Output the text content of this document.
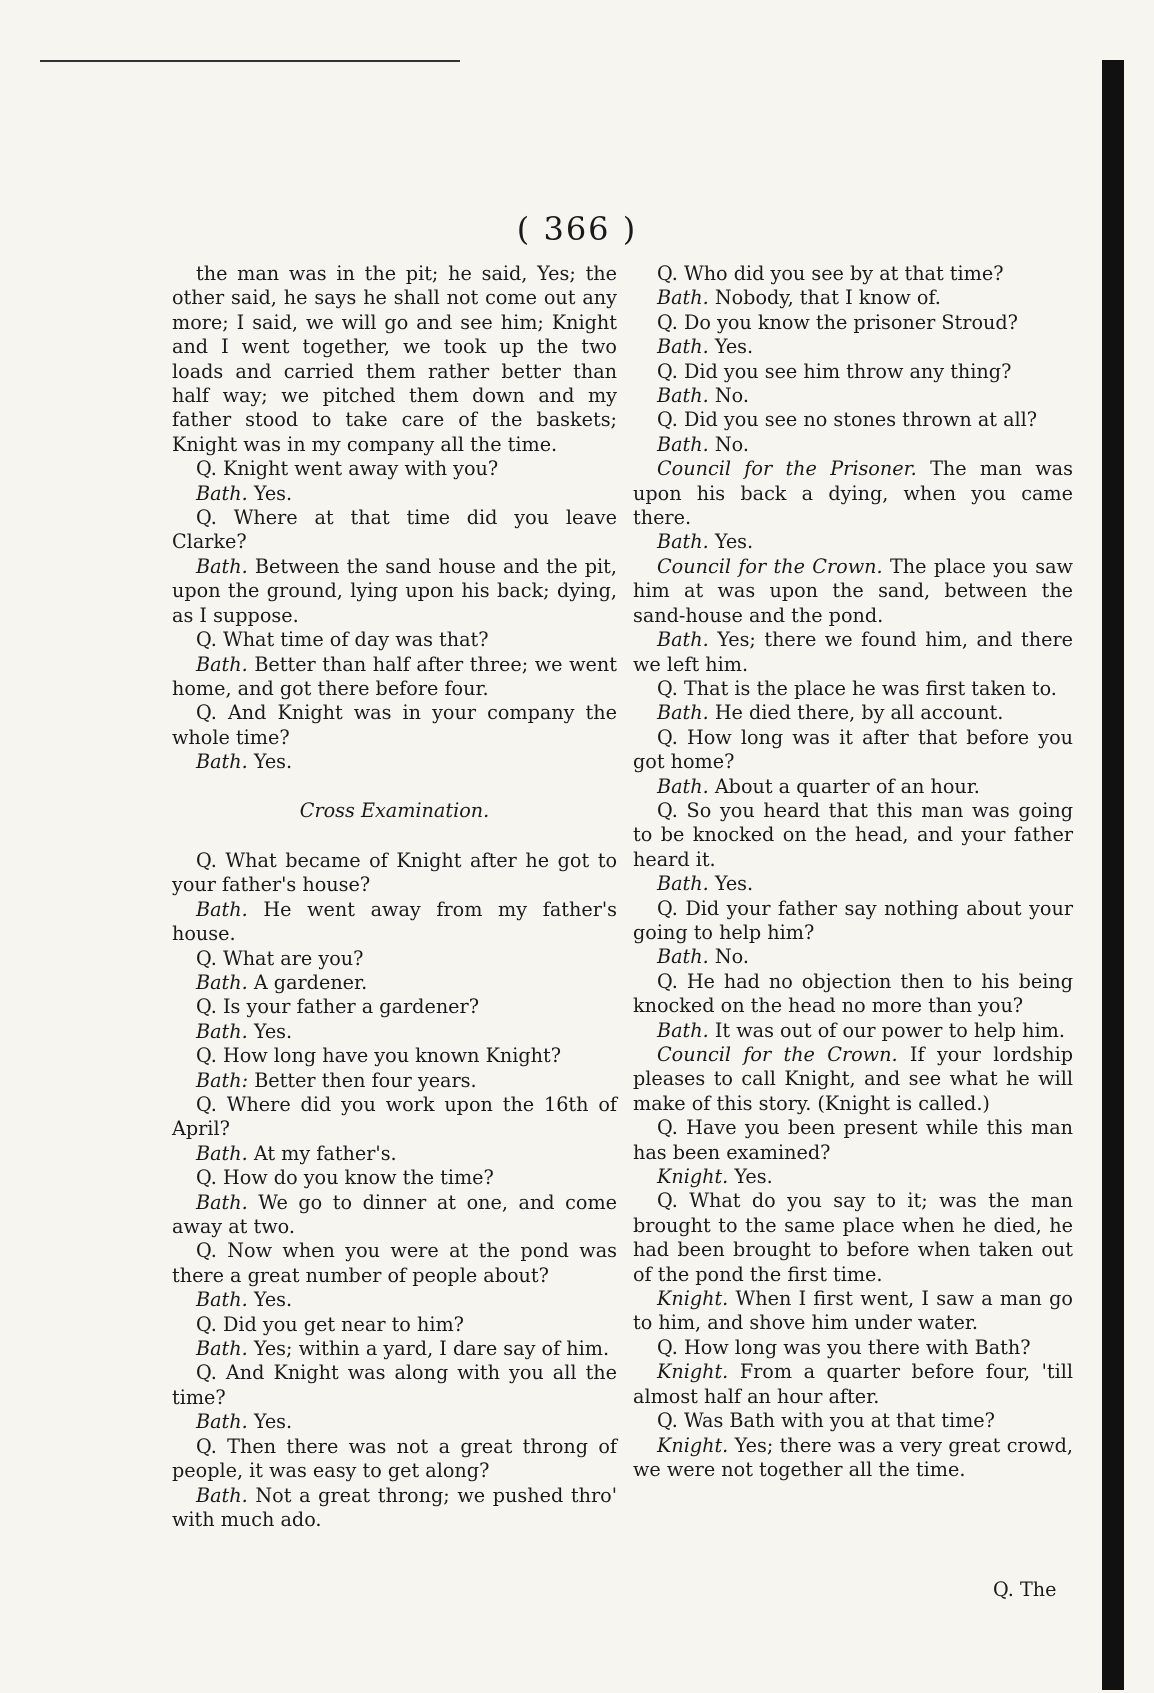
( 366 )

the man was in the pit; he said, Yes; the other said, he says he shall not come out any more; I said, we will go and see him; Knight and I went together, we took up the two loads and carried them rather better than half way; we pitched them down and my father stood to take care of the baskets; Knight was in my company all the time.

Q. Knight went away with you?

Bath. Yes.

Q. Where at that time did you leave Clarke?

Bath. Between the sand house and the pit, upon the ground, lying upon his back; dying, as I suppose.

Q. What time of day was that?

Bath. Better than half after three; we went home, and got there before four.

Q. And Knight was in your company the whole time?

Bath. Yes.

Cross Examination.

Q. What became of Knight after he got to your father's house?

Bath. He went away from my father's house.

Q. What are you?

Bath. A gardener.

Q. Is your father a gardener?

Bath. Yes.

Q. How long have you known Knight?

Bath: Better then four years.

Q. Where did you work upon the 16th of April?

Bath. At my father's.

Q. How do you know the time?

Bath. We go to dinner at one, and come away at two.

Q. Now when you were at the pond was there a great number of people about?

Bath. Yes.

Q. Did you get near to him?

Bath. Yes; within a yard, I dare say of him.

Q. And Knight was along with you all the time?

Bath. Yes.

Q. Then there was not a great throng of people, it was easy to get along?

Bath. Not a great throng; we pushed thro' with much ado.

Q. Who did you see by at that time?

Bath. Nobody, that I know of.

Q. Do you know the prisoner Stroud?

Bath. Yes.

Q. Did you see him throw any thing?

Bath. No.

Q. Did you see no stones thrown at all?

Bath. No.

Council for the Prisoner. The man was upon his back a dying, when you came there.

Bath. Yes.

Council for the Crown. The place you saw him at was upon the sand, between the sand-house and the pond.

Bath. Yes; there we found him, and there we left him.

Q. That is the place he was first taken to.

Bath. He died there, by all account.

Q. How long was it after that before you got home?

Bath. About a quarter of an hour.

Q. So you heard that this man was going to be knocked on the head, and your father heard it.

Bath. Yes.

Q. Did your father say nothing about your going to help him?

Bath. No.

Q. He had no objection then to his being knocked on the head no more than you?

Bath. It was out of our power to help him.

Council for the Crown. If your lordship pleases to call Knight, and see what he will make of this story. (Knight is called.)

Q. Have you been present while this man has been examined?

Knight. Yes.

Q. What do you say to it; was the man brought to the same place when he died, he had been brought to before when taken out of the pond the first time.

Knight. When I first went, I saw a man go to him, and shove him under water.

Q. How long was you there with Bath?

Knight. From a quarter before four, 'till almost half an hour after.

Q. Was Bath with you at that time?

Knight. Yes; there was a very great crowd, we were not together all the time.

Q. The
